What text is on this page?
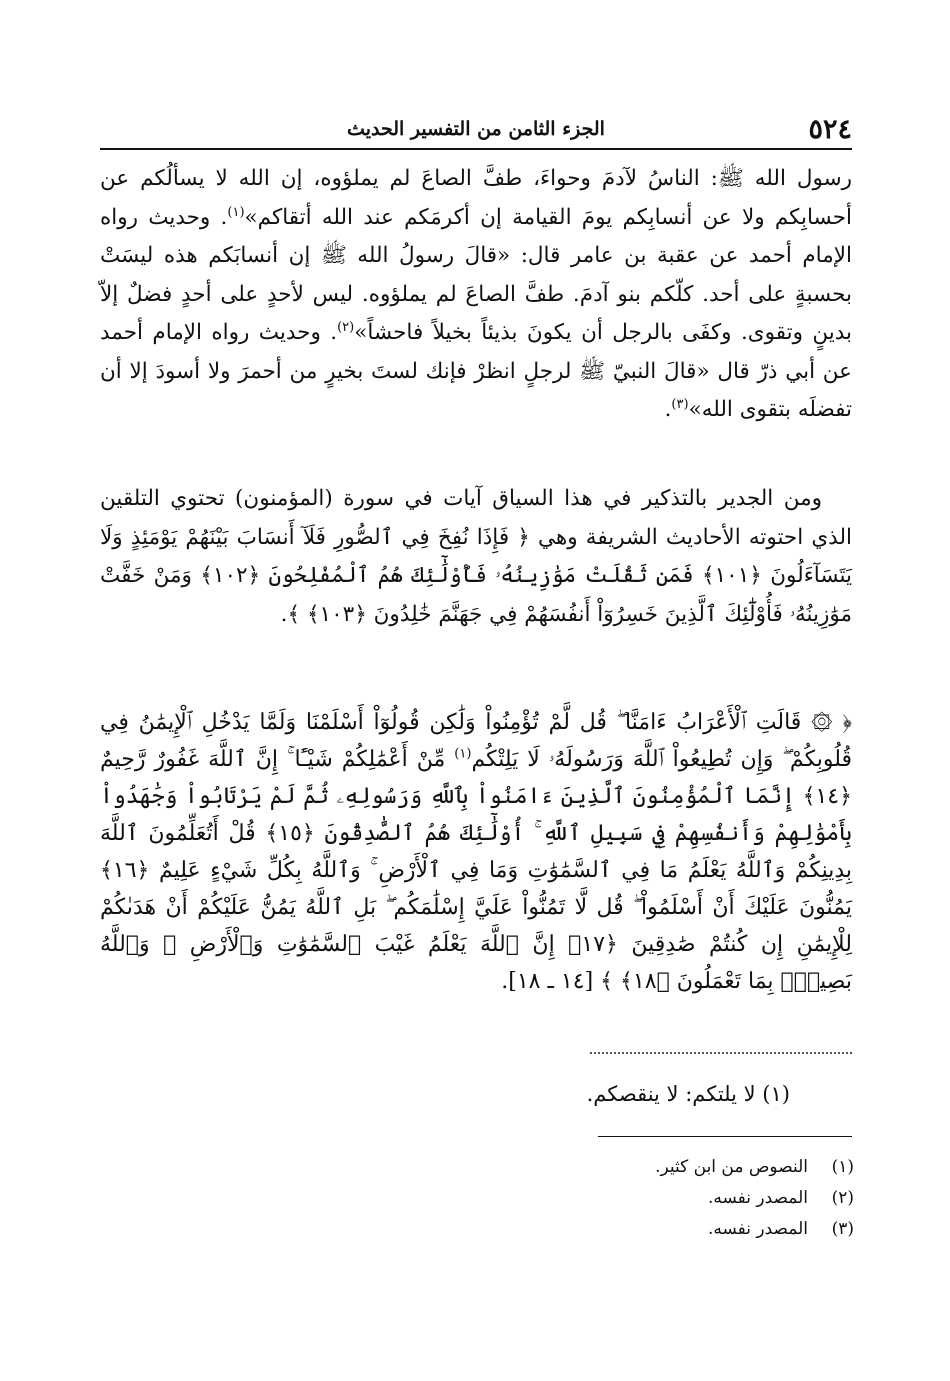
٥٢٤
الجزء الثامن من التفسير الحديث

رسول الله ﷺ: الناسُ لآدمَ وحواءَ، طفَّ الصاعَ لم يملؤوه، إن الله لا يسألُكم عن أحسابِكم ولا عن أنسابِكم يومَ القيامة إن أكرمَكم عند الله أتقاكم»$^{(١)}$. وحديث رواه الإمام أحمد عن عقبة بن عامر قال: «قالَ رسولُ الله ﷺ إن أنسابَكم هذه ليسَتْ بحسبةٍ على أحد. كلّكم بنو آدمَ. طفَّ الصاعَ لم يملؤوه. ليس لأحدٍ على أحدٍ فضلٌ إلاّ بدينٍ وتقوى. وكفَى بالرجل أن يكونَ بذيئاً بخيلاً فاحشاً»$^{(٢)}$. وحديث رواه الإمام أحمد عن أبي ذرّ قال «قالَ النبيّ ﷺ لرجلٍ انظرْ فإنك لستَ بخيرٍ من أحمرَ ولا أسودَ إلا أن تفضلَه بتقوى الله»$^{(٣)}$.

ومن الجدير بالتذكير في هذا السياق آيات في سورة (المؤمنون) تحتوي التلقين الذي احتوته الأحاديث الشريفة وهي ﴿ فَإِذَا نُفِخَ فِي ٱلصُّورِ فَلَآ أَنسَابَ بَيْنَهُمْ يَوْمَئِذٍ وَلَا يَتَسَآءَلُونَ ﴿١٠١﴾ فَمَن ثَقُلَتْ مَوَٰزِينُهُۥ فَأُوْلَٰٓئِكَ هُمُ ٱلْمُفْلِحُونَ ﴿١٠٢﴾ وَمَنْ خَفَّتْ مَوَٰزِينُهُۥ فَأُوْلَٰٓئِكَ ٱلَّذِينَ خَسِرُوٓاْ أَنفُسَهُمْ فِي جَهَنَّمَ خَٰلِدُونَ ﴿١٠٣﴾ ﴾.

﴿ ۞ قَالَتِ ٱلْأَعْرَابُ ءَامَنَّا ۖ قُل لَّمْ تُؤْمِنُواْ وَلَٰكِن قُولُوٓاْ أَسْلَمْنَا وَلَمَّا يَدْخُلِ ٱلْإِيمَٰنُ فِي قُلُوبِكُمْ ۖ وَإِن تُطِيعُواْ ٱللَّهَ وَرَسُولَهُۥ لَا يَلِتْكُم$^{(١)}$ مِّنْ أَعْمَٰلِكُمْ شَيْـًٔا ۚ إِنَّ ٱللَّهَ غَفُورٌ رَّحِيمٌ ﴿١٤﴾ إِنَّمَا ٱلْمُؤْمِنُونَ ٱلَّذِينَ ءَامَنُواْ بِٱللَّهِ وَرَسُولِهِۦ ثُمَّ لَمْ يَرْتَابُواْ وَجَٰهَدُواْ بِأَمْوَٰلِهِمْ وَأَنفُسِهِمْ فِي سَبِيلِ ٱللَّهِ ۚ أُوْلَٰٓئِكَ هُمُ ٱلصَّٰدِقُونَ ﴿١٥﴾ قُلْ أَتُعَلِّمُونَ ٱللَّهَ بِدِينِكُمْ وَٱللَّهُ يَعْلَمُ مَا فِي ٱلسَّمَٰوَٰتِ وَمَا فِي ٱلْأَرْضِ ۚ وَٱللَّهُ بِكُلِّ شَيْءٍ عَلِيمٌ ﴿١٦﴾ يَمُنُّونَ عَلَيْكَ أَنْ أَسْلَمُواْ ۖ قُل لَّا تَمُنُّواْ عَلَيَّ إِسْلَٰمَكُم ۖ بَلِ ٱللَّهُ يَمُنُّ عَلَيْكُمْ أَنْ هَدَىٰكُمْ لِلْإِيمَٰنِ إِن كُنتُمْ صَٰدِقِينَ ﴿١٧﴾ إِنَّ ٱللَّهَ يَعْلَمُ غَيْبَ ٱلسَّمَٰوَٰتِ وَٱلْأَرْضِ ۚ وَٱللَّهُ بَصِيرُۢ بِمَا تَعْمَلُونَ ﴿١٨﴾ ﴾ [١٤ ـ ١٨].
(١) لا يلتكم: لا ينقصكم.
(١)النصوص من ابن كثير.
(٢)المصدر نفسه.
(٣)المصدر نفسه.
